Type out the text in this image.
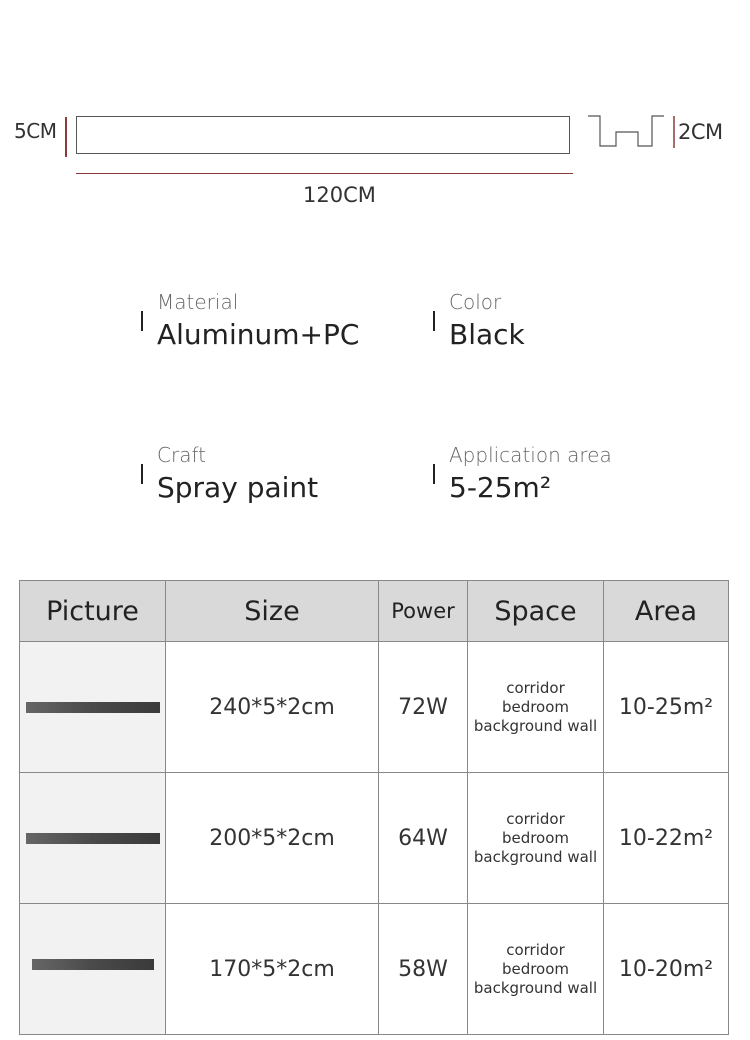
5CM
120CM
2CM
Material
Aluminum+PC
Color
Black
Craft
Spray paint
Application area
5-25m²
Picture	Size	Power	Space	Area

	240*5*2cm	72W	corridor
bedroom
background wall	10-25m²

	200*5*2cm	64W	corridor
bedroom
background wall	10-22m²

	170*5*2cm	58W	corridor
bedroom
background wall	10-20m²
